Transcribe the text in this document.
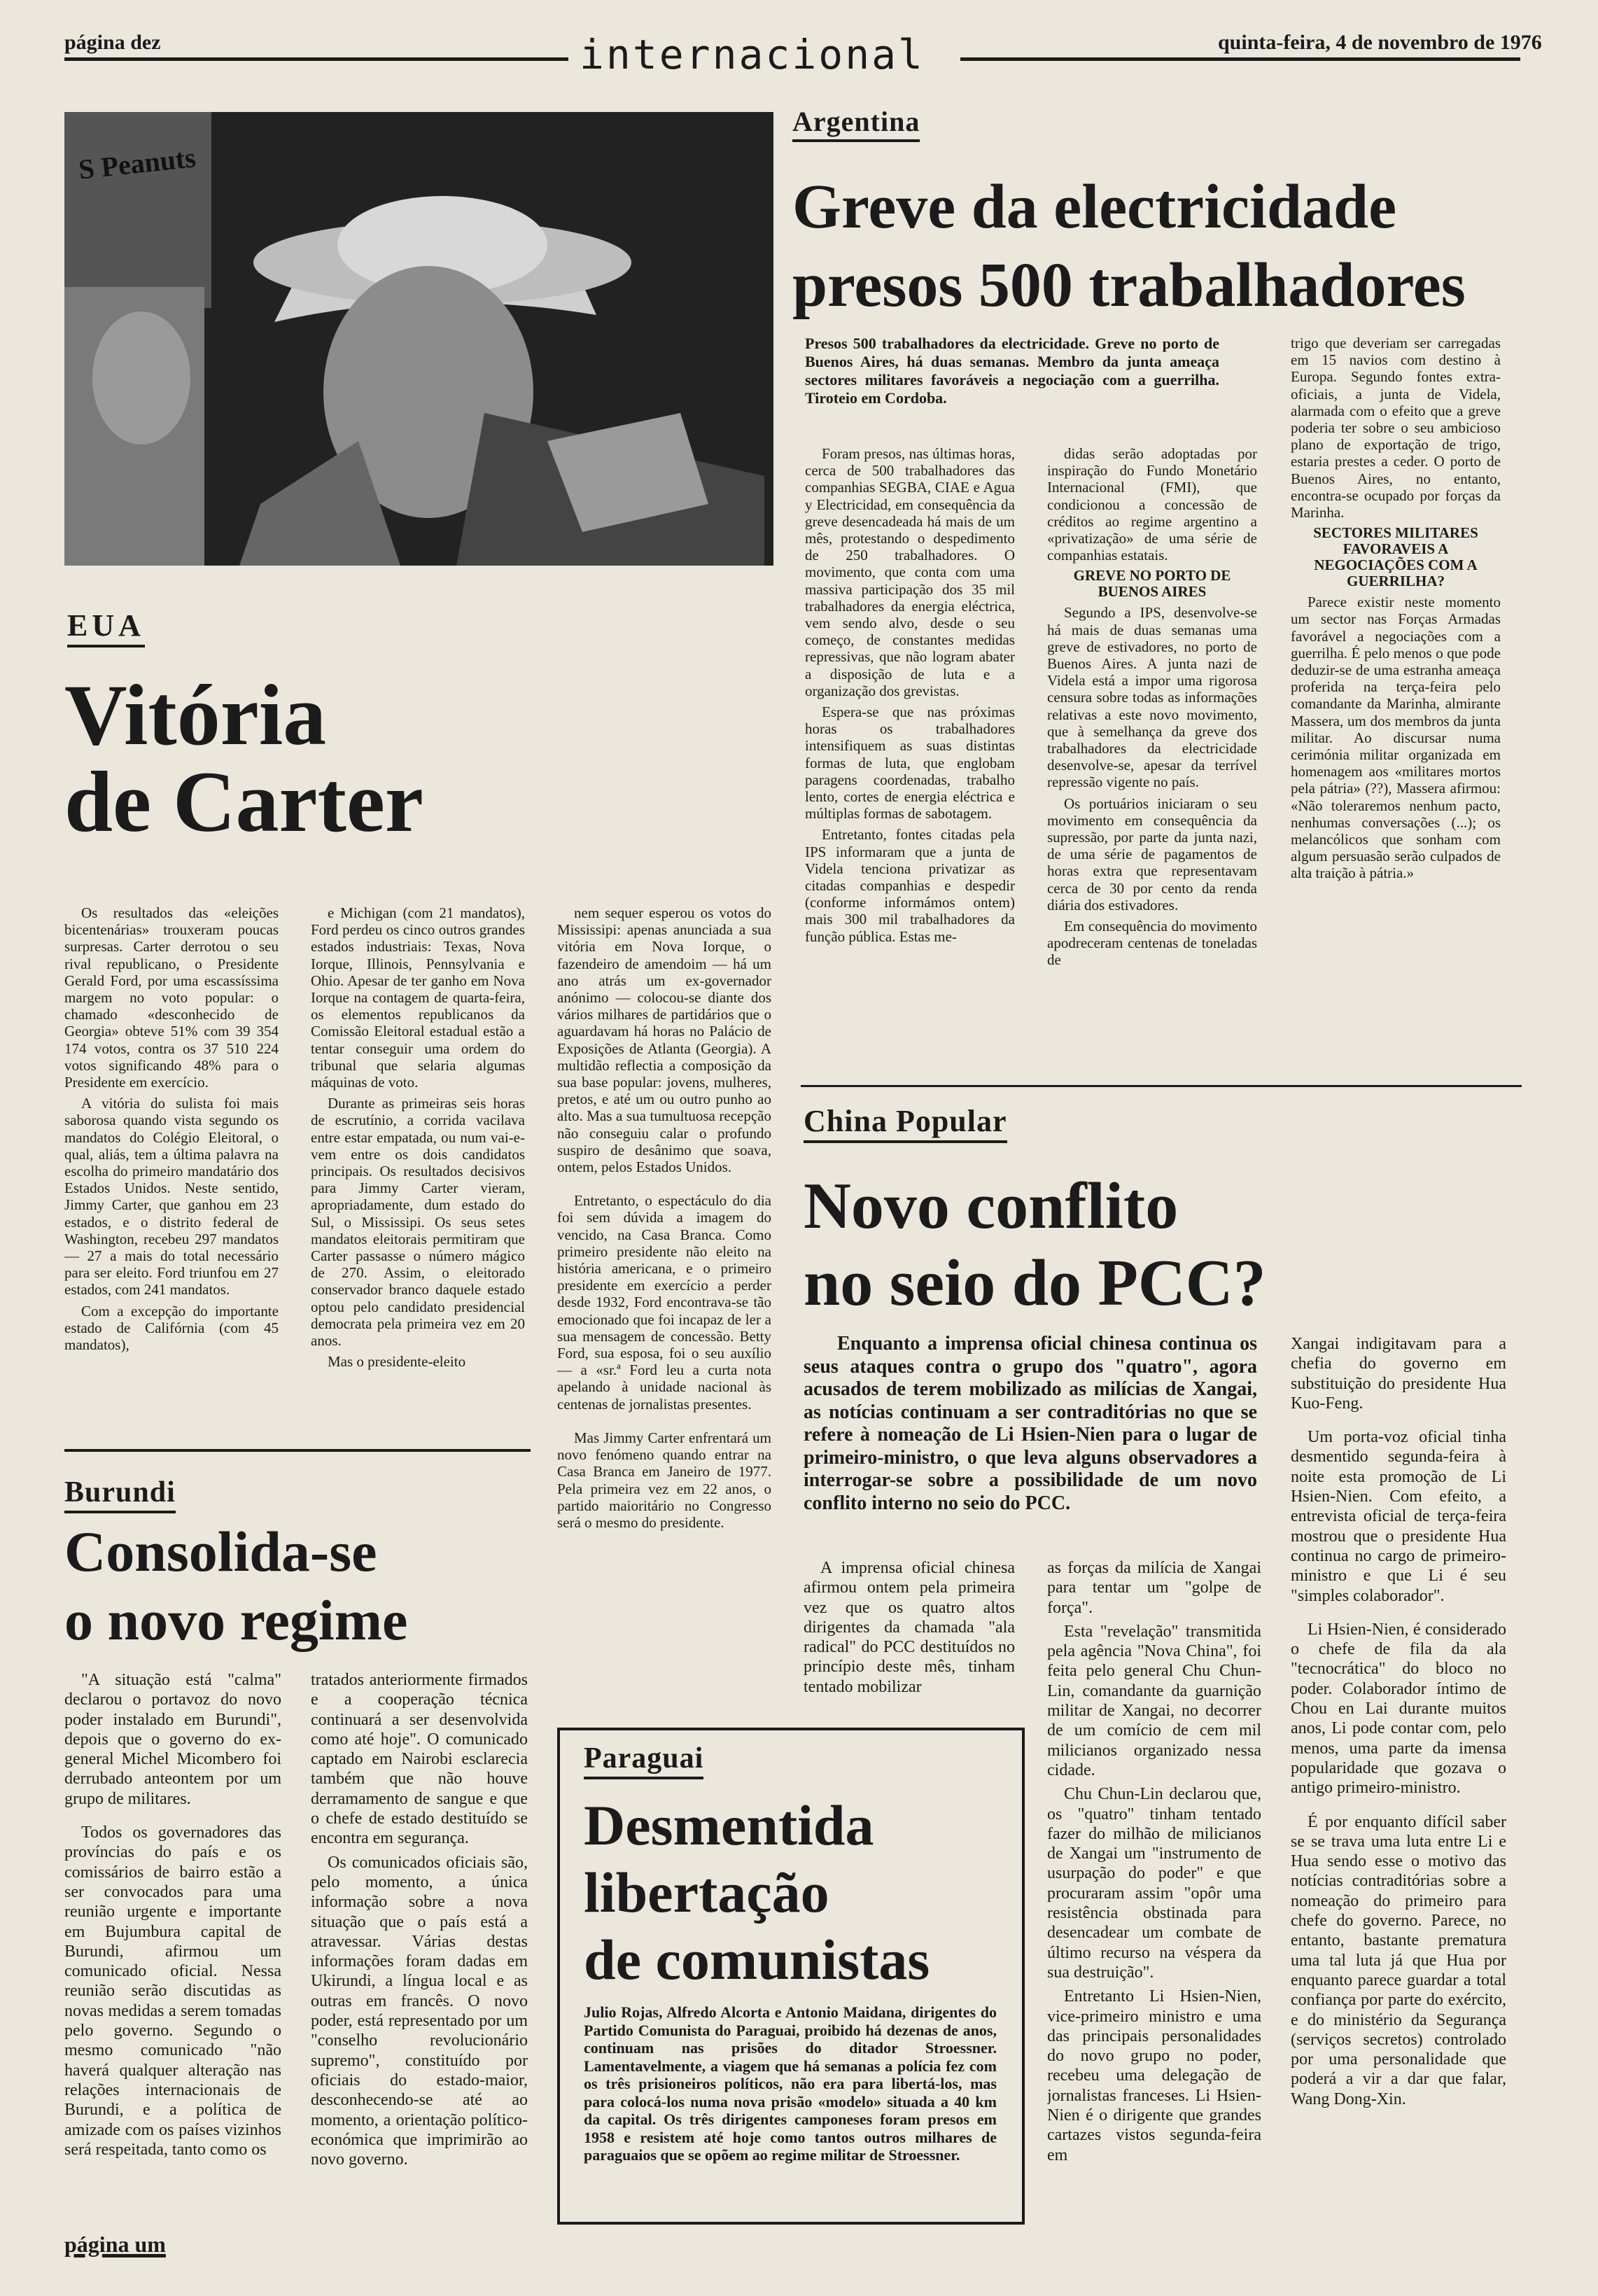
página dez	internacional	quinta-feira, 4 de novembro de 1976
S Peanuts
EUA
Vitória
de Carter

Os resultados das «eleições bicentenárias» trouxeram poucas surpresas. Carter derrotou o seu rival republicano, o Presidente Gerald Ford, por uma escassíssima margem no voto popular: o chamado «desconhecido de Georgia» obteve 51% com 39 354 174 votos, contra os 37 510 224 votos significando 48% para o Presidente em exercício.

A vitória do sulista foi mais saborosa quando vista segundo os mandatos do Colégio Eleitoral, o qual, aliás, tem a última palavra na escolha do primeiro mandatário dos Estados Unidos. Neste sentido, Jimmy Carter, que ganhou em 23 estados, e o distrito federal de Washington, recebeu 297 mandatos — 27 a mais do total necessário para ser eleito. Ford triunfou em 27 estados, com 241 mandatos.

Com a excepção do importante estado de Califórnia (com 45 mandatos),

e Michigan (com 21 mandatos), Ford perdeu os cinco outros grandes estados industriais: Texas, Nova Iorque, Illinois, Pennsylvania e Ohio. Apesar de ter ganho em Nova Iorque na contagem de quarta-feira, os elementos republicanos da Comissão Eleitoral estadual estão a tentar conseguir uma ordem do tribunal que selaria algumas máquinas de voto.

Durante as primeiras seis horas de escrutínio, a corrida vacilava entre estar empatada, ou num vai-e-vem entre os dois candidatos principais. Os resultados decisivos para Jimmy Carter vieram, apropriadamente, dum estado do Sul, o Mississipi. Os seus setes mandatos eleitorais permitiram que Carter passasse o número mágico de 270. Assim, o eleitorado conservador branco daquele estado optou pelo candidato presidencial democrata pela primeira vez em 20 anos.

Mas o presidente-eleito

nem sequer esperou os votos do Mississipi: apenas anunciada a sua vitória em Nova Iorque, o fazendeiro de amendoim — há um ano atrás um ex-governador anónimo — colocou-se diante dos vários milhares de partidários que o aguardavam há horas no Palácio de Exposições de Atlanta (Georgia). A multidão reflectia a composição da sua base popular: jovens, mulheres, pretos, e até um ou outro punho ao alto. Mas a sua tumultuosa recepção não conseguiu calar o profundo suspiro de desânimo que soava, ontem, pelos Estados Unidos.

Entretanto, o espectáculo do dia foi sem dúvida a imagem do vencido, na Casa Branca. Como primeiro presidente não eleito na história americana, e o primeiro presidente em exercício a perder desde 1932, Ford encontrava-se tão emocionado que foi incapaz de ler a sua mensagem de concessão. Betty Ford, sua esposa, foi o seu auxílio — a «sr.ª Ford leu a curta nota apelando à unidade nacional às centenas de jornalistas presentes.

Mas Jimmy Carter enfrentará um novo fenómeno quando entrar na Casa Branca em Janeiro de 1977. Pela primeira vez em 22 anos, o partido maioritário no Congresso será o mesmo do presidente.

Argentina
Greve da electricidade
presos 500 trabalhadores
Presos 500 trabalhadores da electricidade. Greve no porto de Buenos Aires, há duas semanas. Membro da junta ameaça sectores militares favoráveis a negociação com a guerrilha. Tiroteio em Cordoba.

Foram presos, nas últimas horas, cerca de 500 trabalhadores das companhias SEGBA, CIAE e Agua y Electricidad, em consequência da greve desencadeada há mais de um mês, protestando o despedimento de 250 trabalhadores. O movimento, que conta com uma massiva participação dos 35 mil trabalhadores da energia eléctrica, vem sendo alvo, desde o seu começo, de constantes medidas repressivas, que não logram abater a disposição de luta e a organização dos grevistas.

Espera-se que nas próximas horas os trabalhadores intensifiquem as suas distintas formas de luta, que englobam paragens coordenadas, trabalho lento, cortes de energia eléctrica e múltiplas formas de sabotagem.

Entretanto, fontes citadas pela IPS informaram que a junta de Videla tenciona privatizar as citadas companhias e despedir (conforme informámos ontem) mais 300 mil trabalhadores da função pública. Estas me-

didas serão adoptadas por inspiração do Fundo Monetário Internacional (FMI), que condicionou a concessão de créditos ao regime argentino a «privatização» de uma série de companhias estatais.

GREVE NO PORTO DE BUENOS AIRES

Segundo a IPS, desenvolve-se há mais de duas semanas uma greve de estivadores, no porto de Buenos Aires. A junta nazi de Videla está a impor uma rigorosa censura sobre todas as informações relativas a este novo movimento, que à semelhança da greve dos trabalhadores da electricidade desenvolve-se, apesar da terrível repressão vigente no país.

Os portuários iniciaram o seu movimento em consequência da supressão, por parte da junta nazi, de uma série de pagamentos de horas extra que representavam cerca de 30 por cento da renda diária dos estivadores.

Em consequência do movimento apodreceram centenas de toneladas de

trigo que deveriam ser carregadas em 15 navios com destino à Europa. Segundo fontes extra-oficiais, a junta de Videla, alarmada com o efeito que a greve poderia ter sobre o seu ambicioso plano de exportação de trigo, estaria prestes a ceder. O porto de Buenos Aires, no entanto, encontra-se ocupado por forças da Marinha.

SECTORES MILITARES FAVORAVEIS A NEGOCIAÇÕES COM A GUERRILHA?

Parece existir neste momento um sector nas Forças Armadas favorável a negociações com a guerrilha. É pelo menos o que pode deduzir-se de uma estranha ameaça proferida na terça-feira pelo comandante da Marinha, almirante Massera, um dos membros da junta militar. Ao discursar numa cerimónia militar organizada em homenagem aos «militares mortos pela pátria» (??), Massera afirmou: «Não toleraremos nenhum pacto, nenhumas conversações (...); os melancólicos que sonham com algum persuasão serão culpados de alta traição à pátria.»

China Popular
Novo conflito
no seio do PCC?
Enquanto a imprensa oficial chinesa continua os seus ataques contra o grupo dos "quatro", agora acusados de terem mobilizado as milícias de Xangai, as notícias continuam a ser contraditórias no que se refere à nomeação de Li Hsien-Nien para o lugar de primeiro-ministro, o que leva alguns observadores a interrogar-se sobre a possibilidade de um novo conflito interno no seio do PCC.

A imprensa oficial chinesa afirmou ontem pela primeira vez que os quatro altos dirigentes da chamada "ala radical" do PCC destituídos no princípio deste mês, tinham tentado mobilizar

as forças da milícia de Xangai para tentar um "golpe de força".

Esta "revelação" transmitida pela agência "Nova China", foi feita pelo general Chu Chun-Lin, comandante da guarnição militar de Xangai, no decorrer de um comício de cem mil milicianos organizado nessa cidade.

Chu Chun-Lin declarou que, os "quatro" tinham tentado fazer do milhão de milicianos de Xangai um "instrumento de usurpação do poder" e que procuraram assim "opôr uma resistência obstinada para desencadear um combate de último recurso na véspera da sua destruição".

Entretanto Li Hsien-Nien, vice-primeiro ministro e uma das principais personalidades do novo grupo no poder, recebeu uma delegação de jornalistas franceses. Li Hsien-Nien é o dirigente que grandes cartazes vistos segunda-feira em

Xangai indigitavam para a chefia do governo em substituição do presidente Hua Kuo-Feng.

Um porta-voz oficial tinha desmentido segunda-feira à noite esta promoção de Li Hsien-Nien. Com efeito, a entrevista oficial de terça-feira mostrou que o presidente Hua continua no cargo de primeiro-ministro e que Li é seu "simples colaborador".

Li Hsien-Nien, é considerado o chefe de fila da ala "tecnocrática" do bloco no poder. Colaborador íntimo de Chou en Lai durante muitos anos, Li pode contar com, pelo menos, uma parte da imensa popularidade que gozava o antigo primeiro-ministro.

É por enquanto difícil saber se se trava uma luta entre Li e Hua sendo esse o motivo das notícias contraditórias sobre a nomeação do primeiro para chefe do governo. Parece, no entanto, bastante prematura uma tal luta já que Hua por enquanto parece guardar a total confiança por parte do exército, e do ministério da Segurança (serviços secretos) controlado por uma personalidade que poderá a vir a dar que falar, Wang Dong-Xin.

Burundi
Consolida-se
o novo regime

"A situação está "calma" declarou o portavoz do novo poder instalado em Burundi", depois que o governo do ex-general Michel Micombero foi derrubado anteontem por um grupo de militares.

Todos os governadores das províncias do país e os comissários de bairro estão a ser convocados para uma reunião urgente e importante em Bujumbura capital de Burundi, afirmou um comunicado oficial. Nessa reunião serão discutidas as novas medidas a serem tomadas pelo governo. Segundo o mesmo comunicado "não haverá qualquer alteração nas relações internacionais de Burundi, e a política de amizade com os países vizinhos será respeitada, tanto como os

tratados anteriormente firmados e a cooperação técnica continuará a ser desenvolvida como até hoje". O comunicado captado em Nairobi esclarecia também que não houve derramamento de sangue e que o chefe de estado destituído se encontra em segurança.

Os comunicados oficiais são, pelo momento, a única informação sobre a nova situação que o país está a atravessar. Várias destas informações foram dadas em Ukirundi, a língua local e as outras em francês. O novo poder, está representado por um "conselho revolucionário supremo", constituído por oficiais do estado-maior, desconhecendo-se até ao momento, a orientação político-económica que imprimirão ao novo governo.

Paraguai
Desmentida
libertação
de comunistas
Julio Rojas, Alfredo Alcorta e Antonio Maidana, dirigentes do Partido Comunista do Paraguai, proibido há dezenas de anos, continuam nas prisões do ditador Stroessner. Lamentavelmente, a viagem que há semanas a polícia fez com os três prisioneiros políticos, não era para libertá-los, mas para colocá-los numa nova prisão «modelo» situada a 40 km da capital. Os três dirigentes camponeses foram presos em 1958 e resistem até hoje como tantos outros milhares de paraguaios que se opõem ao regime militar de Stroessner.
página um
